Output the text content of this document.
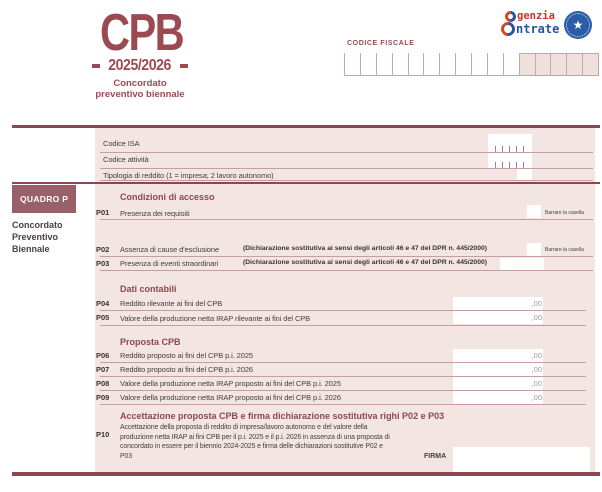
CPB
2025/2026
Concordato
preventivo biennale
genzia
ntrate ★
CODICE FISCALE
Codice ISA
Codice attività
Tipologia di reddito (1 = impresa; 2 lavoro autonomo)
QUADRO P
Concordato
Preventivo
Biennale
Condizioni di accesso
P01 Presenza dei requisiti	Barrare la casella
P02 Assenza di cause d'esclusione	(Dichiarazione sostitutiva ai sensi degli articoli 46 e 47 del DPR n. 445/2000)	Barrare la casella
P03 Presenza di eventi straordinari	(Dichiarazione sostitutiva ai sensi degli articoli 46 e 47 del DPR n. 445/2000)
Dati contabili
P04 Reddito rilevante ai fini del CPB	,00
P05 Valore della produzione netta IRAP rilevante ai fini del CPB	,00
Proposta CPB
P06 Reddito proposto ai fini del CPB p.i. 2025	,00
P07 Reddito proposto ai fini del CPB p.i. 2026	,00
P08 Valore della produzione netta IRAP proposto ai fini del CPB p.i. 2025	,00
P09 Valore della produzione netta IRAP proposto ai fini del CPB p.i. 2026	,00
Accettazione proposta CPB e firma dichiarazione sostitutiva righi P02 e P03
P10
Accettazione della proposta di reddito di impresa/lavoro autonomo e del valore della produzione netta IRAP ai fini CPB per il p.i. 2025 e il p.i. 2026 in assenza di una proposta di concordato in essere per il biennio 2024-2025 e firma delle dichiarazioni sostitutive P02 e P03	FIRMA
